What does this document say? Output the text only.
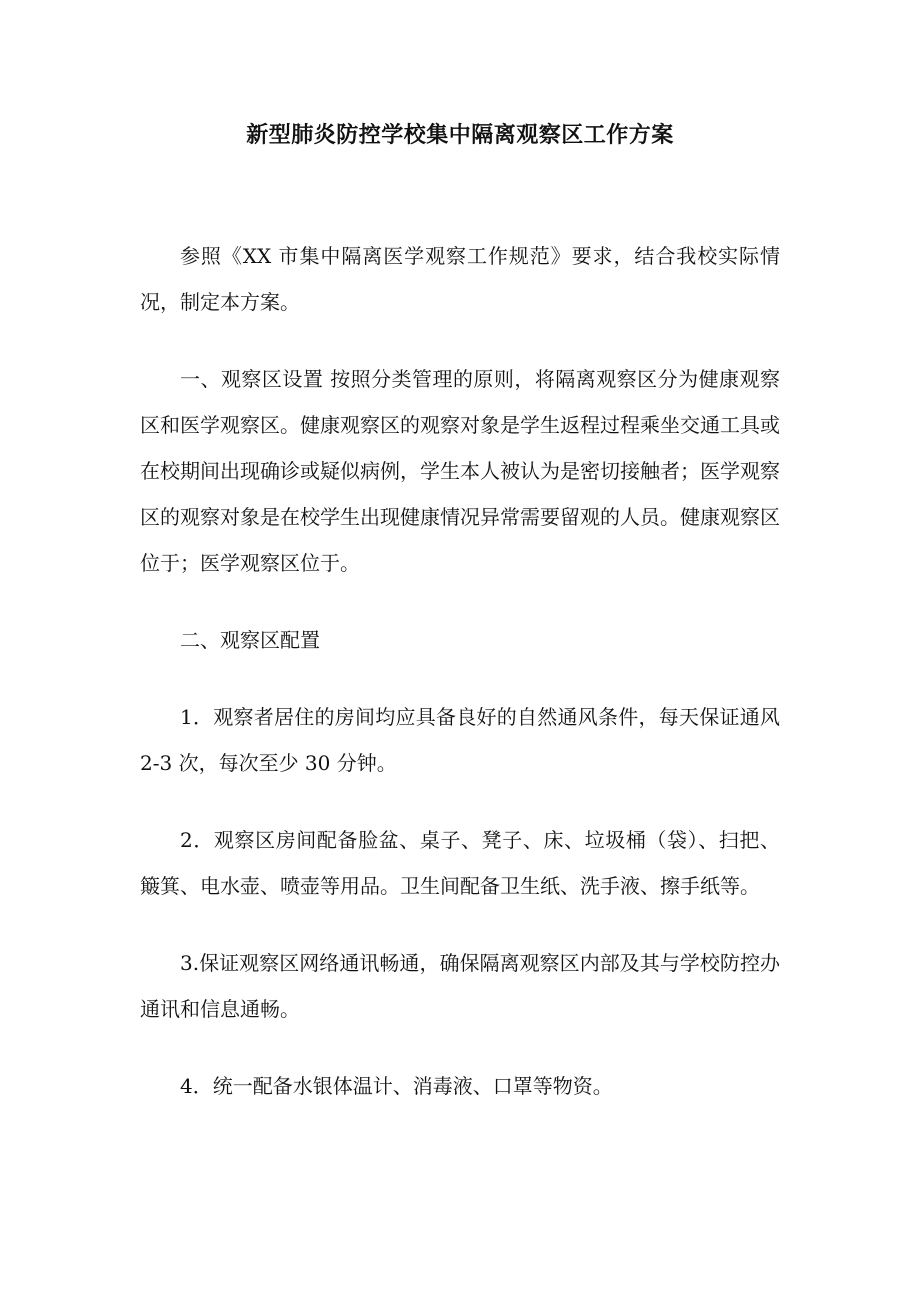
新型肺炎防控学校集中隔离观察区工作方案

参照《XX 市集中隔离医学观察工作规范》要求，结合我校实际情况，制定本方案。

一、观察区设置 按照分类管理的原则，将隔离观察区分为健康观察区和医学观察区。健康观察区的观察对象是学生返程过程乘坐交通工具或在校期间出现确诊或疑似病例，学生本人被认为是密切接触者；医学观察区的观察对象是在校学生出现健康情况异常需要留观的人员。健康观察区位于；医学观察区位于。

二、观察区配置

1．观察者居住的房间均应具备良好的自然通风条件，每天保证通风 2-3 次，每次至少 30 分钟。

2．观察区房间配备脸盆、桌子、凳子、床、垃圾桶（袋）、扫把、簸箕、电水壶、喷壶等用品。卫生间配备卫生纸、洗手液、擦手纸等。

3.保证观察区网络通讯畅通，确保隔离观察区内部及其与学校防控办通讯和信息通畅。

4．统一配备水银体温计、消毒液、口罩等物资。
